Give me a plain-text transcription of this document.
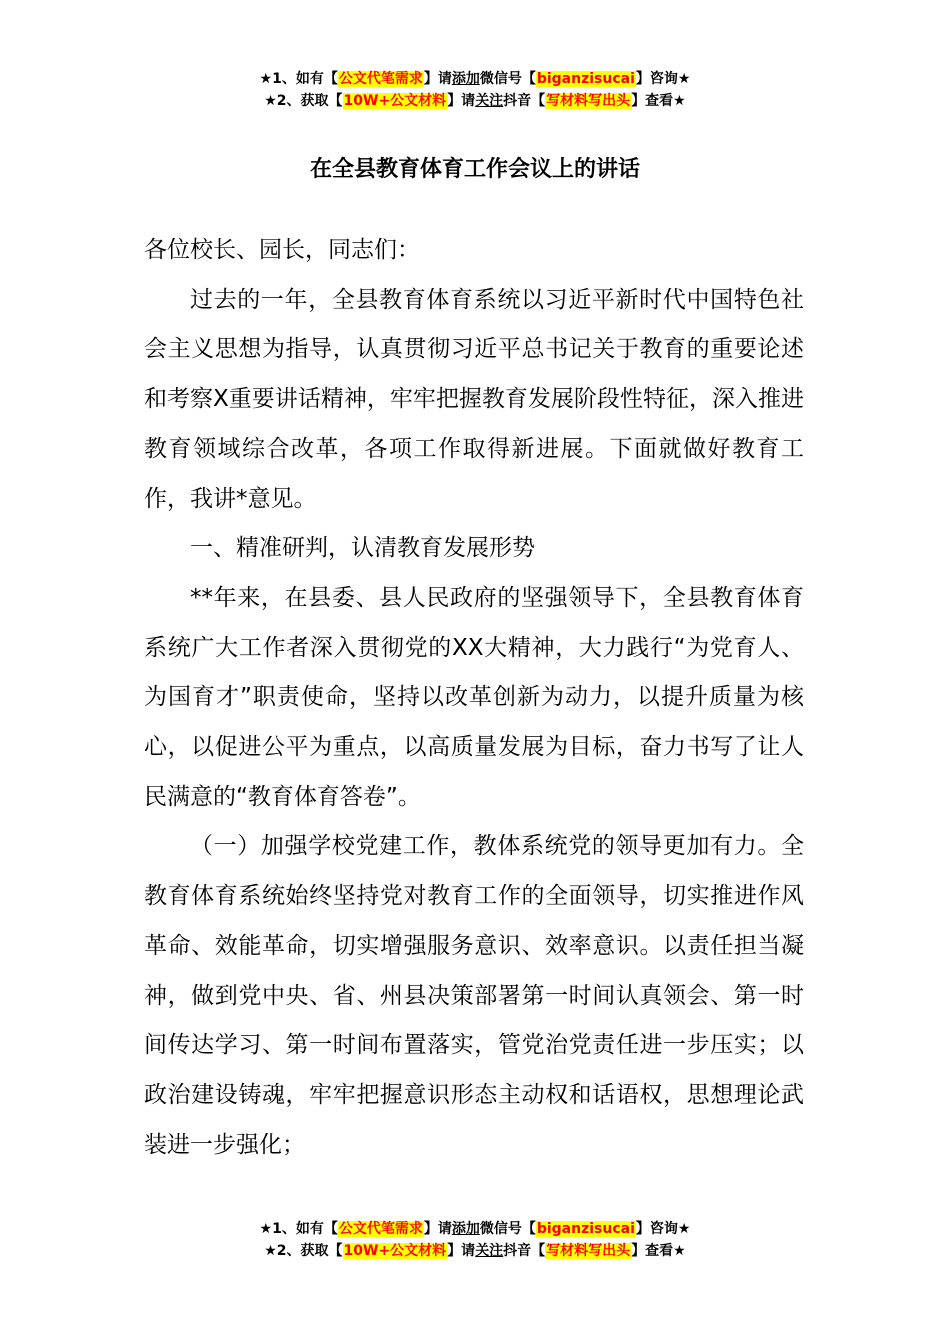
★1、如有【公文代笔需求】请添加微信号【biganzisucai】咨询★
★2、获取【10W+公文材料】请关注抖音【写材料写出头】查看★
在全县教育体育工作会议上的讲话

各位校长、园长，同志们：

过去的一年，全县教育体育系统以习近平新时代中国特色社会主义思想为指导，认真贯彻习近平总书记关于教育的重要论述和考察X重要讲话精神，牢牢把握教育发展阶段性特征，深入推进教育领域综合改革，各项工作取得新进展。下面就做好教育工作，我讲*意见。

一、精准研判，认清教育发展形势

**年来，在县委、县人民政府的坚强领导下，全县教育体育系统广大工作者深入贯彻党的XX大精神，大力践行“为党育人、为国育才”职责使命，坚持以改革创新为动力，以提升质量为核心，以促进公平为重点，以高质量发展为目标，奋力书写了让人民满意的“教育体育答卷”。

（一）加强学校党建工作，教体系统党的领导更加有力。全教育体育系统始终坚持党对教育工作的全面领导，切实推进作风革命、效能革命，切实增强服务意识、效率意识。以责任担当凝神，做到党中央、省、州县决策部署第一时间认真领会、第一时间传达学习、第一时间布置落实，管党治党责任进一步压实；以政治建设铸魂，牢牢把握意识形态主动权和话语权，思想理论武装进一步强化；

★1、如有【公文代笔需求】请添加微信号【biganzisucai】咨询★
★2、获取【10W+公文材料】请关注抖音【写材料写出头】查看★
